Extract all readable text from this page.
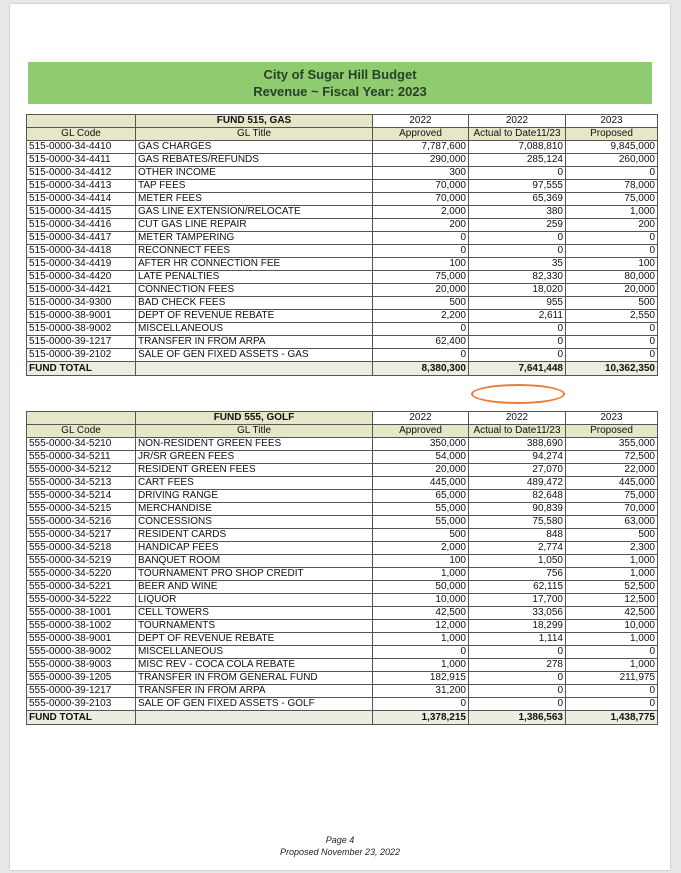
City of Sugar Hill Budget
Revenue ~ Fiscal Year: 2023
	FUND 515, GAS	2022	2022	2023
GL Code	GL Title	Approved	Actual to Date11/23	Proposed
515-0000-34-4410	GAS CHARGES	7,787,600	7,088,810	9,845,000
515-0000-34-4411	GAS REBATES/REFUNDS	290,000	285,124	260,000
515-0000-34-4412	OTHER INCOME	300	0	0
515-0000-34-4413	TAP FEES	70,000	97,555	78,000
515-0000-34-4414	METER FEES	70,000	65,369	75,000
515-0000-34-4415	GAS LINE EXTENSION/RELOCATE	2,000	380	1,000
515-0000-34-4416	CUT GAS LINE REPAIR	200	259	200
515-0000-34-4417	METER TAMPERING	0	0	0
515-0000-34-4418	RECONNECT FEES	0	0	0
515-0000-34-4419	AFTER HR CONNECTION FEE	100	35	100
515-0000-34-4420	LATE PENALTIES	75,000	82,330	80,000
515-0000-34-4421	CONNECTION FEES	20,000	18,020	20,000
515-0000-34-9300	BAD CHECK FEES	500	955	500
515-0000-38-9001	DEPT OF REVENUE REBATE	2,200	2,611	2,550
515-0000-38-9002	MISCELLANEOUS	0	0	0
515-0000-39-1217	TRANSFER IN FROM ARPA	62,400	0	0
515-0000-39-2102	SALE OF GEN FIXED ASSETS - GAS	0	0	0
FUND TOTAL		8,380,300	7,641,448	10,362,350
	FUND 555, GOLF	2022	2022	2023
GL Code	GL Title	Approved	Actual to Date11/23	Proposed
555-0000-34-5210	NON-RESIDENT GREEN FEES	350,000	388,690	355,000
555-0000-34-5211	JR/SR GREEN FEES	54,000	94,274	72,500
555-0000-34-5212	RESIDENT GREEN FEES	20,000	27,070	22,000
555-0000-34-5213	CART FEES	445,000	489,472	445,000
555-0000-34-5214	DRIVING RANGE	65,000	82,648	75,000
555-0000-34-5215	MERCHANDISE	55,000	90,839	70,000
555-0000-34-5216	CONCESSIONS	55,000	75,580	63,000
555-0000-34-5217	RESIDENT CARDS	500	848	500
555-0000-34-5218	HANDICAP FEES	2,000	2,774	2,300
555-0000-34-5219	BANQUET ROOM	100	1,050	1,000
555-0000-34-5220	TOURNAMENT PRO SHOP CREDIT	1,000	756	1,000
555-0000-34-5221	BEER AND WINE	50,000	62,115	52,500
555-0000-34-5222	LIQUOR	10,000	17,700	12,500
555-0000-38-1001	CELL TOWERS	42,500	33,056	42,500
555-0000-38-1002	TOURNAMENTS	12,000	18,299	10,000
555-0000-38-9001	DEPT OF REVENUE REBATE	1,000	1,114	1,000
555-0000-38-9002	MISCELLANEOUS	0	0	0
555-0000-38-9003	MISC REV - COCA COLA REBATE	1,000	278	1,000
555-0000-39-1205	TRANSFER IN FROM GENERAL FUND	182,915	0	211,975
555-0000-39-1217	TRANSFER IN FROM ARPA	31,200	0	0
555-0000-39-2103	SALE OF GEN FIXED ASSETS - GOLF	0	0	0
FUND TOTAL		1,378,215	1,386,563	1,438,775
Page 4
Proposed November 23, 2022
